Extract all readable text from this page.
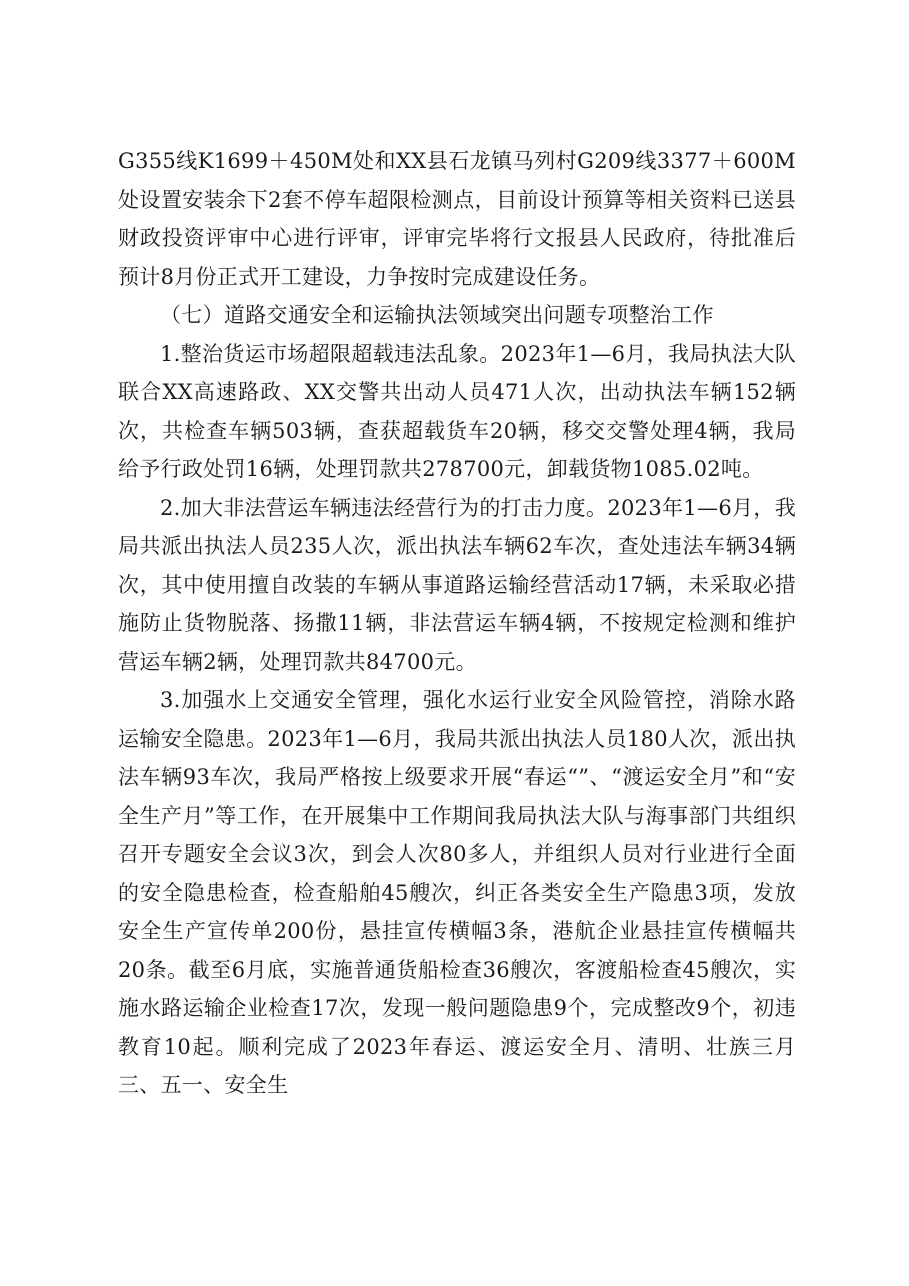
G355线K1699＋450M处和XX县石龙镇马列村G209线3377＋600M处设置安装余下2套不停车超限检测点，目前设计预算等相关资料已送县财政投资评审中心进行评审，评审完毕将行文报县人民政府，待批准后预计8月份正式开工建设，力争按时完成建设任务。

（七）道路交通安全和运输执法领域突出问题专项整治工作

1.整治货运市场超限超载违法乱象。2023年1—6月，我局执法大队联合XX高速路政、XX交警共出动人员471人次，出动执法车辆152辆次，共检查车辆503辆，查获超载货车20辆，移交交警处理4辆，我局给予行政处罚16辆，处理罚款共278700元，卸载货物1085.02吨。

2.加大非法营运车辆违法经营行为的打击力度。2023年1—6月，我局共派出执法人员235人次，派出执法车辆62车次，查处违法车辆34辆次，其中使用擅自改装的车辆从事道路运输经营活动17辆，未采取必措施防止货物脱落、扬撒11辆，非法营运车辆4辆，不按规定检测和维护营运车辆2辆，处理罚款共84700元。

3.加强水上交通安全管理，强化水运行业安全风险管控，消除水路运输安全隐患。2023年1—6月，我局共派出执法人员180人次，派出执法车辆93车次，我局严格按上级要求开展“春运“”、“渡运安全月”和“安全生产月”等工作，在开展集中工作期间我局执法大队与海事部门共组织召开专题安全会议3次，到会人次80多人，并组织人员对行业进行全面的安全隐患检查，检查船舶45艘次，纠正各类安全生产隐患3项，发放安全生产宣传单200份，悬挂宣传横幅3条，港航企业悬挂宣传横幅共20条。截至6月底，实施普通货船检查36艘次，客渡船检查45艘次，实施水路运输企业检查17次，发现一般问题隐患9个，完成整改9个，初违教育10起。顺利完成了2023年春运、渡运安全月、清明、壮族三月三、五一、安全生
